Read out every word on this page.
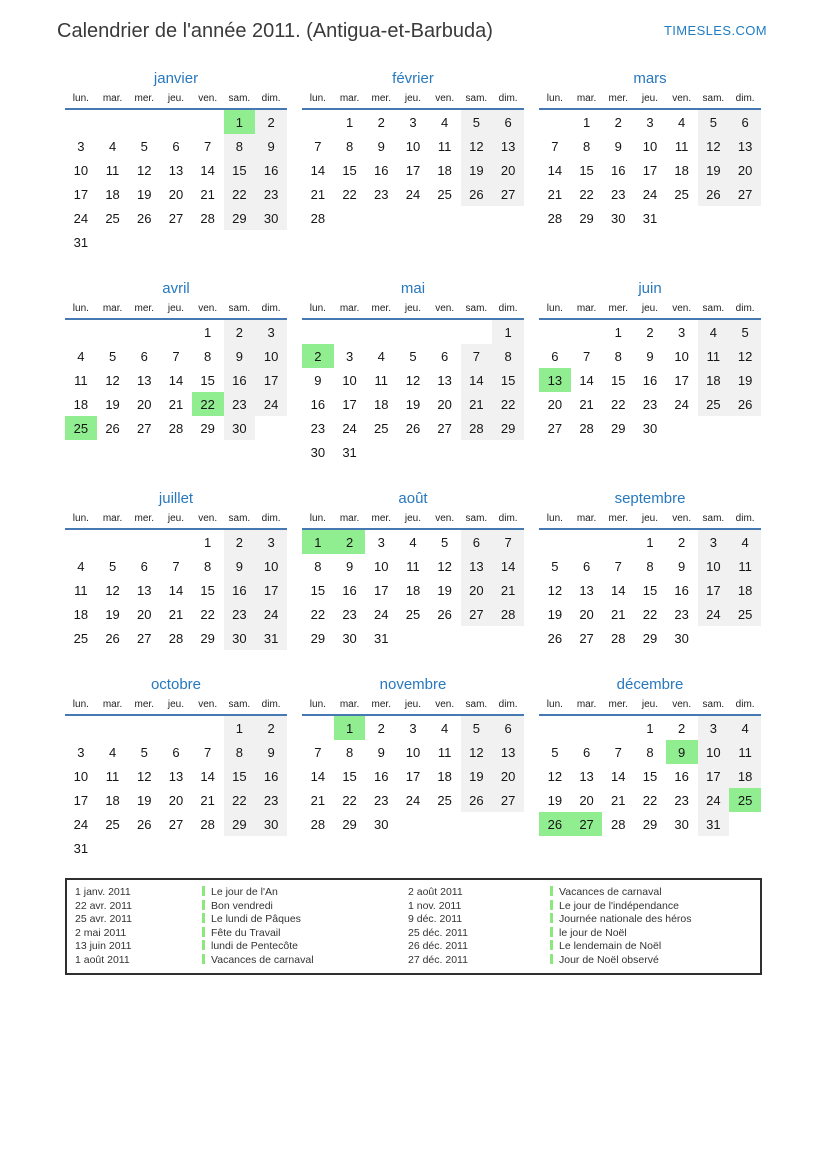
Calendrier de l'année 2011. (Antigua-et-Barbuda)	TIMESLES.COM
janvier
lun.	mar.	mer.	jeu.	ven.	sam.	dim.
					1	2
3	4	5	6	7	8	9
10	11	12	13	14	15	16
17	18	19	20	21	22	23
24	25	26	27	28	29	30
31						
février
lun.	mar.	mer.	jeu.	ven.	sam.	dim.
	1	2	3	4	5	6
7	8	9	10	11	12	13
14	15	16	17	18	19	20
21	22	23	24	25	26	27
28						
mars
lun.	mar.	mer.	jeu.	ven.	sam.	dim.
	1	2	3	4	5	6
7	8	9	10	11	12	13
14	15	16	17	18	19	20
21	22	23	24	25	26	27
28	29	30	31			
avril
lun.	mar.	mer.	jeu.	ven.	sam.	dim.
				1	2	3
4	5	6	7	8	9	10
11	12	13	14	15	16	17
18	19	20	21	22	23	24
25	26	27	28	29	30	
mai
lun.	mar.	mer.	jeu.	ven.	sam.	dim.
						1
2	3	4	5	6	7	8
9	10	11	12	13	14	15
16	17	18	19	20	21	22
23	24	25	26	27	28	29
30	31					
juin
lun.	mar.	mer.	jeu.	ven.	sam.	dim.
		1	2	3	4	5
6	7	8	9	10	11	12
13	14	15	16	17	18	19
20	21	22	23	24	25	26
27	28	29	30			
juillet
lun.	mar.	mer.	jeu.	ven.	sam.	dim.
				1	2	3
4	5	6	7	8	9	10
11	12	13	14	15	16	17
18	19	20	21	22	23	24
25	26	27	28	29	30	31
août
lun.	mar.	mer.	jeu.	ven.	sam.	dim.
1	2	3	4	5	6	7
8	9	10	11	12	13	14
15	16	17	18	19	20	21
22	23	24	25	26	27	28
29	30	31				
septembre
lun.	mar.	mer.	jeu.	ven.	sam.	dim.
			1	2	3	4
5	6	7	8	9	10	11
12	13	14	15	16	17	18
19	20	21	22	23	24	25
26	27	28	29	30		
octobre
lun.	mar.	mer.	jeu.	ven.	sam.	dim.
					1	2
3	4	5	6	7	8	9
10	11	12	13	14	15	16
17	18	19	20	21	22	23
24	25	26	27	28	29	30
31						
novembre
lun.	mar.	mer.	jeu.	ven.	sam.	dim.
	1	2	3	4	5	6
7	8	9	10	11	12	13
14	15	16	17	18	19	20
21	22	23	24	25	26	27
28	29	30				
décembre
lun.	mar.	mer.	jeu.	ven.	sam.	dim.
			1	2	3	4
5	6	7	8	9	10	11
12	13	14	15	16	17	18
19	20	21	22	23	24	25
26	27	28	29	30	31	
1 janv. 2011	Le jour de l'An	2 août 2011	Vacances de carnaval
22 avr. 2011	Bon vendredi	1 nov. 2011	Le jour de l'indépendance
25 avr. 2011	Le lundi de Pâques	9 déc. 2011	Journée nationale des héros
2 mai 2011	Fête du Travail	25 déc. 2011	le jour de Noël
13 juin 2011	lundi de Pentecôte	26 déc. 2011	Le lendemain de Noël
1 août 2011	Vacances de carnaval	27 déc. 2011	Jour de Noël observé
